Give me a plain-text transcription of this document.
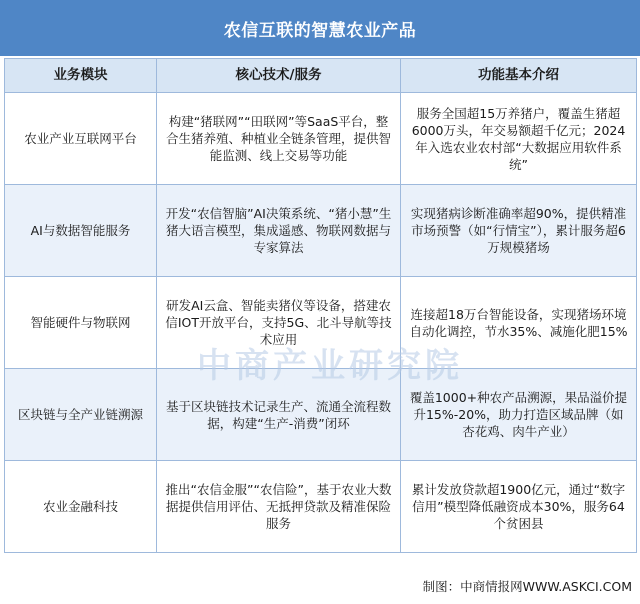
农信互联的智慧农业产品
业务模块	核心技术/服务	功能基本介绍
农业产业互联网平台	构建“猪联网”“田联网”等SaaS平台，整合生猪养殖、种植业全链条管理，提供智能监测、线上交易等功能	服务全国超15万养猪户，覆盖生猪超6000万头，年交易额超千亿元；2024年入选农业农村部“大数据应用软件系统”
AI与数据智能服务	开发“农信智脑”AI决策系统、“猪小慧”生猪大语言模型，集成遥感、物联网数据与专家算法	实现猪病诊断准确率超90%，提供精准市场预警（如“行情宝”），累计服务超6万规模猪场
智能硬件与物联网	研发AI云盒、智能卖猪仪等设备，搭建农信IOT开放平台，支持5G、北斗导航等技术应用	连接超18万台智能设备，实现猪场环境自动化调控，节水35%、减施化肥15%
区块链与全产业链溯源	基于区块链技术记录生产、流通全流程数据，构建“生产-消费”闭环	覆盖1000+种农产品溯源，果品溢价提升15%-20%，助力打造区域品牌（如杏花鸡、肉牛产业）
农业金融科技	推出“农信金服”“农信险”，基于农业大数据提供信用评估、无抵押贷款及精准保险服务	累计发放贷款超1900亿元，通过“数字信用”模型降低融资成本30%，服务64个贫困县
中商产业研究院
制图：中商情报网WWW.ASKCI.COM
